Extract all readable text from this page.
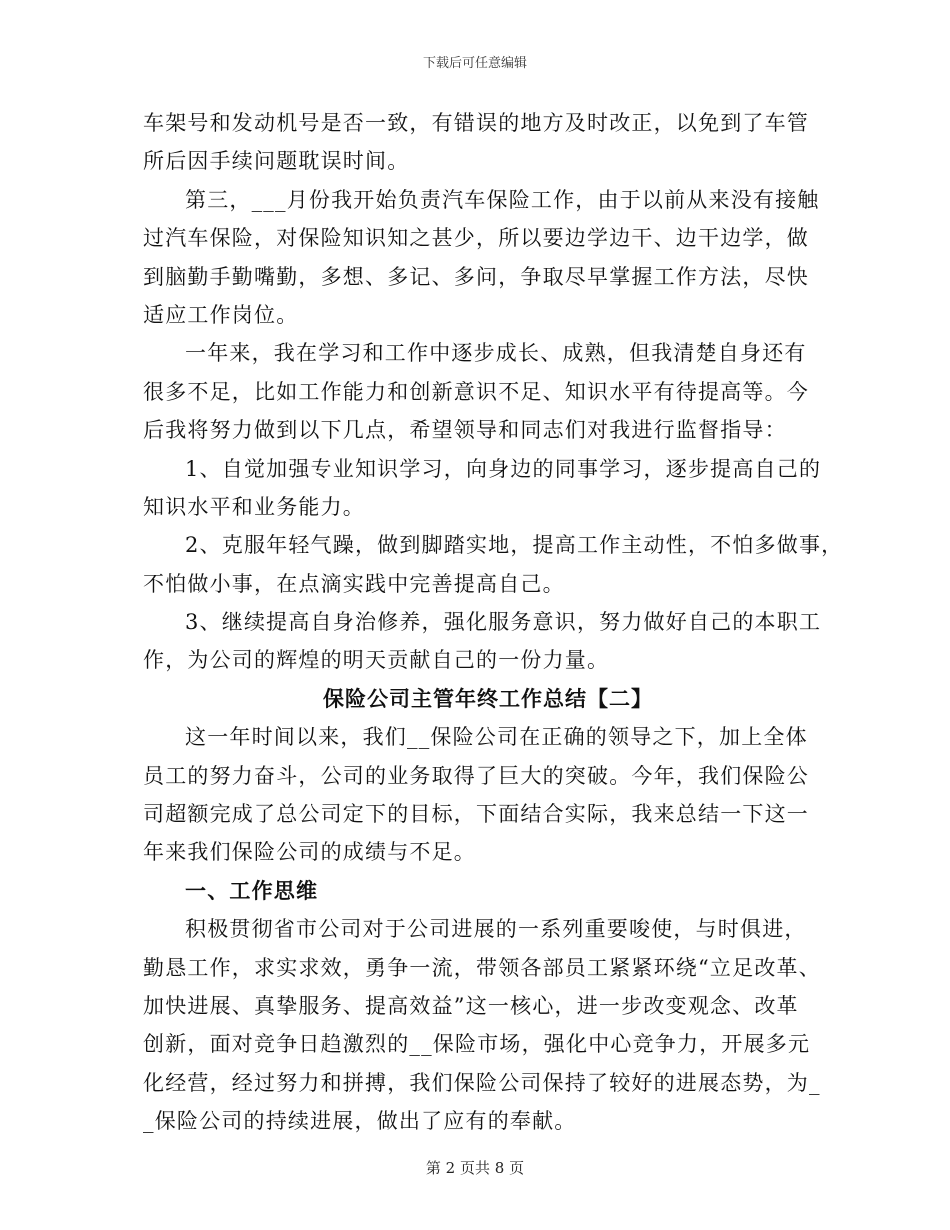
下载后可任意编辑
车架号和发动机号是否一致，有错误的地方及时改正，以免到了车管
所后因手续问题耽误时间。
第三，___月份我开始负责汽车保险工作，由于以前从来没有接触
过汽车保险，对保险知识知之甚少，所以要边学边干、边干边学，做
到脑勤手勤嘴勤，多想、多记、多问，争取尽早掌握工作方法，尽快
适应工作岗位。
一年来，我在学习和工作中逐步成长、成熟，但我清楚自身还有
很多不足，比如工作能力和创新意识不足、知识水平有待提高等。今
后我将努力做到以下几点，希望领导和同志们对我进行监督指导：
1、自觉加强专业知识学习，向身边的同事学习，逐步提高自己的
知识水平和业务能力。
2、克服年轻气躁，做到脚踏实地，提高工作主动性，不怕多做事，
不怕做小事，在点滴实践中完善提高自己。
3、继续提高自身治修养，强化服务意识，努力做好自己的本职工
作，为公司的辉煌的明天贡献自己的一份力量。
保险公司主管年终工作总结【二】
这一年时间以来，我们__保险公司在正确的领导之下，加上全体
员工的努力奋斗，公司的业务取得了巨大的突破。今年，我们保险公
司超额完成了总公司定下的目标，下面结合实际，我来总结一下这一
年来我们保险公司的成绩与不足。
一、工作思维
积极贯彻省市公司对于公司进展的一系列重要唆使，与时俱进，
勤恳工作，求实求效，勇争一流，带领各部员工紧紧环绕“立足改革、
加快进展、真挚服务、提高效益”这一核心，进一步改变观念、改革
创新，面对竞争日趋激烈的__保险市场，强化中心竞争力，开展多元
化经营，经过努力和拼搏，我们保险公司保持了较好的进展态势，为_
_保险公司的持续进展，做出了应有的奉献。
第 2 页共 8 页
